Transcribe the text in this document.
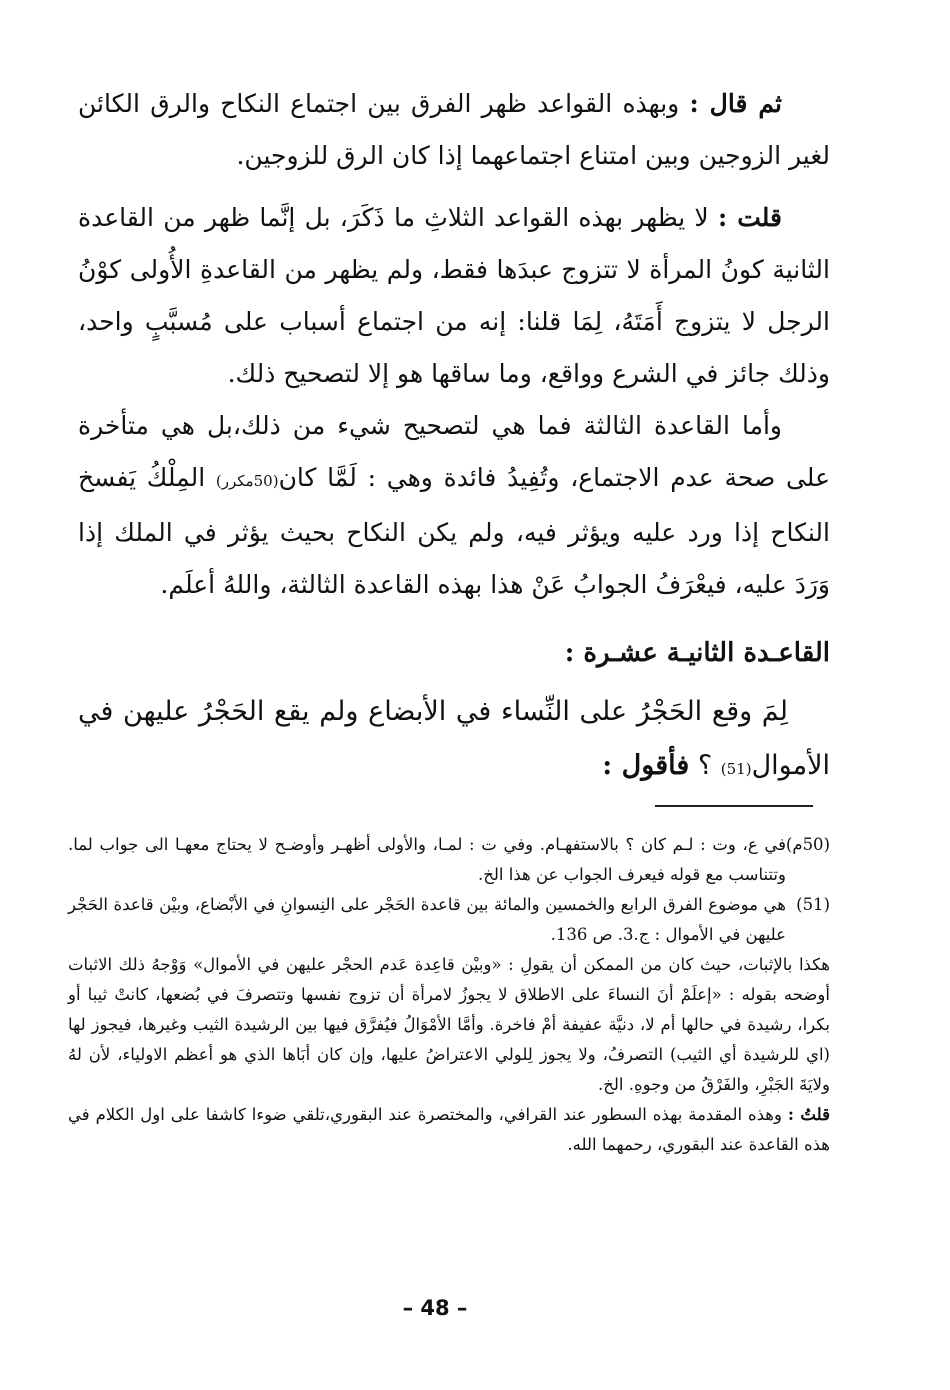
ثم قال : وبهذه القواعد ظهر الفرق بين اجتماع النكاح والرق الكائن لغير الزوجين وبين امتناع اجتماعهما إذا كان الرق للزوجين.

قلت : لا يظهر بهذه القواعد الثلاثِ ما ذَكَرَ، بل إنَّما ظهر من القاعدة الثانية كونُ المرأة لا تتزوج عبدَها فقط، ولم يظهر من القاعدةِ الأُولى كوْنُ الرجل لا يتزوج أَمَتَهُ، لِمَا قلنا: إنه من اجتماع أسباب على مُسبَّبٍ واحد، وذلك جائز في الشرع وواقع، وما ساقها هو إلا لتصحيح ذلك.

وأما القاعدة الثالثة فما هي لتصحيح شيء من ذلك،بل هي متأخرة على صحة عدم الاجتماع، وتُفِيدُ فائدة وهي : لَمَّا كان(50مكرر) المِلْكُ يَفسخ النكاح إذا ورد عليه ويؤثر فيه، ولم يكن النكاح بحيث يؤثر في الملك إذا وَرَدَ عليه، فيعْرَفُ الجوابُ عَنْ هذا بهذه القاعدة الثالثة، واللهُ أعلَم.

القاعـدة الثانيـة عشـرة :

لِمَ وقع الحَجْرُ على النِّساء في الأبضاع ولم يقع الحَجْرُ عليهن في الأموال(51) ؟ فأقول :

(50م)
في ع، وت : لـم كان ؟ بالاستفهـام. وفي ت : لمـا، والأولى أظهـر وأوضـح لا يحتاج معهـا الى جواب لما. وتتناسب مع قوله فيعرف الجواب عن هذا الخ.
(51)
هي موضوع الفرق الرابع والخمسين والمائة بين قاعدة الحَجْر على النِسوانِ في الأبْضاع، وبيْن قاعدة الحَجْر عليهن في الأموال : ج.3. ص 136.

هكذا بالإثبات، حيث كان من الممكن أن يقولِ : «وبيْن قاعِدة عَدم الحجْر عليهن في الأموال» وَوْجهُ ذلك الاثبات أوضحه بقوله : «إعلَمْ أنَ النساءَ على الاطلاق لا يجوزُ لامرأة أن تزوج نفسها وتتصرفَ في بُضعها، كانتْ ثيبا أو بكرا، رشيدة في حالها أم لا، دنيَّة عفيفة أمْ فاخرة. وأمَّا الأمْوَالُ فيُفرَّق فيها بين الرشيدة الثيب وغيرها، فيجوز لها (اي للرشيدة أي الثيب) التصرفُ، ولا يجوز لِلولي الاعتراضُ عليها، وإن كان أبَاها الذي هو أعظم الاولياء، لأن لهُ ولايَةَ الجَبْرِ، والفَرْقُ من وجوهِ. الخ.

قلتُ : وهذه المقدمة بهذه السطور عند القرافي، والمختصرة عند البقوري،تلقي ضوءا كاشفا على اول الكلام في هذه القاعدة عند البقوري، رحمهما الله.

– 48 –
